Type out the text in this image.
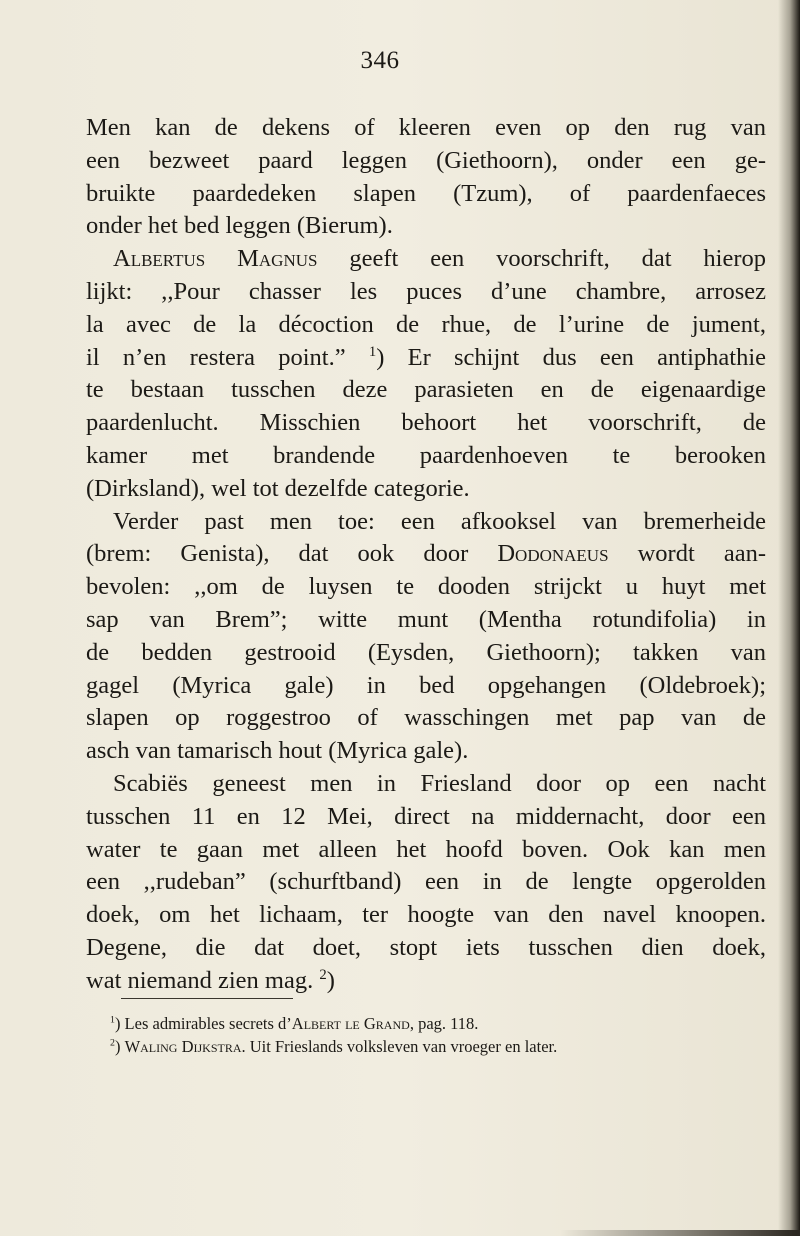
346

Men kan de dekens of kleeren even op den rug van
een bezweet paard leggen (Giethoorn), onder een ge-
bruikte paardedeken slapen (Tzum), of paardenfaeces
onder het bed leggen (Bierum).

Albertus Magnus geeft een voorschrift, dat hierop
lijkt: ,,Pour chasser les puces d’une chambre, arrosez
la avec de la décoction de rhue, de l’urine de jument,
il n’en restera point.” $^1$) Er schijnt dus een antiphathie
te bestaan tusschen deze parasieten en de eigenaardige
paardenlucht. Misschien behoort het voorschrift, de
kamer met brandende paardenhoeven te berooken
(Dirksland), wel tot dezelfde categorie.

Verder past men toe: een afkooksel van bremerheide
(brem: Genista), dat ook door Dodonaeus wordt aan-
bevolen: ,,om de luysen te dooden strijckt u huyt met
sap van Brem”; witte munt (Mentha rotundifolia) in
de bedden gestrooid (Eysden, Giethoorn); takken van
gagel (Myrica gale) in bed opgehangen (Oldebroek);
slapen op roggestroo of wasschingen met pap van de
asch van tamarisch hout (Myrica gale).

Scabiës geneest men in Friesland door op een nacht
tusschen 11 en 12 Mei, direct na middernacht, door een
water te gaan met alleen het hoofd boven. Ook kan men
een ,,rudeban” (schurftband) een in de lengte opgerolden
doek, om het lichaam, ter hoogte van den navel knoopen.
Degene, die dat doet, stopt iets tusschen dien doek,
wat niemand zien mag. $^2$)

$^1$) Les admirables secrets d’Albert le Grand, pag. 118.
$^2$) Waling Dijkstra. Uit Frieslands volksleven van vroeger en later.
